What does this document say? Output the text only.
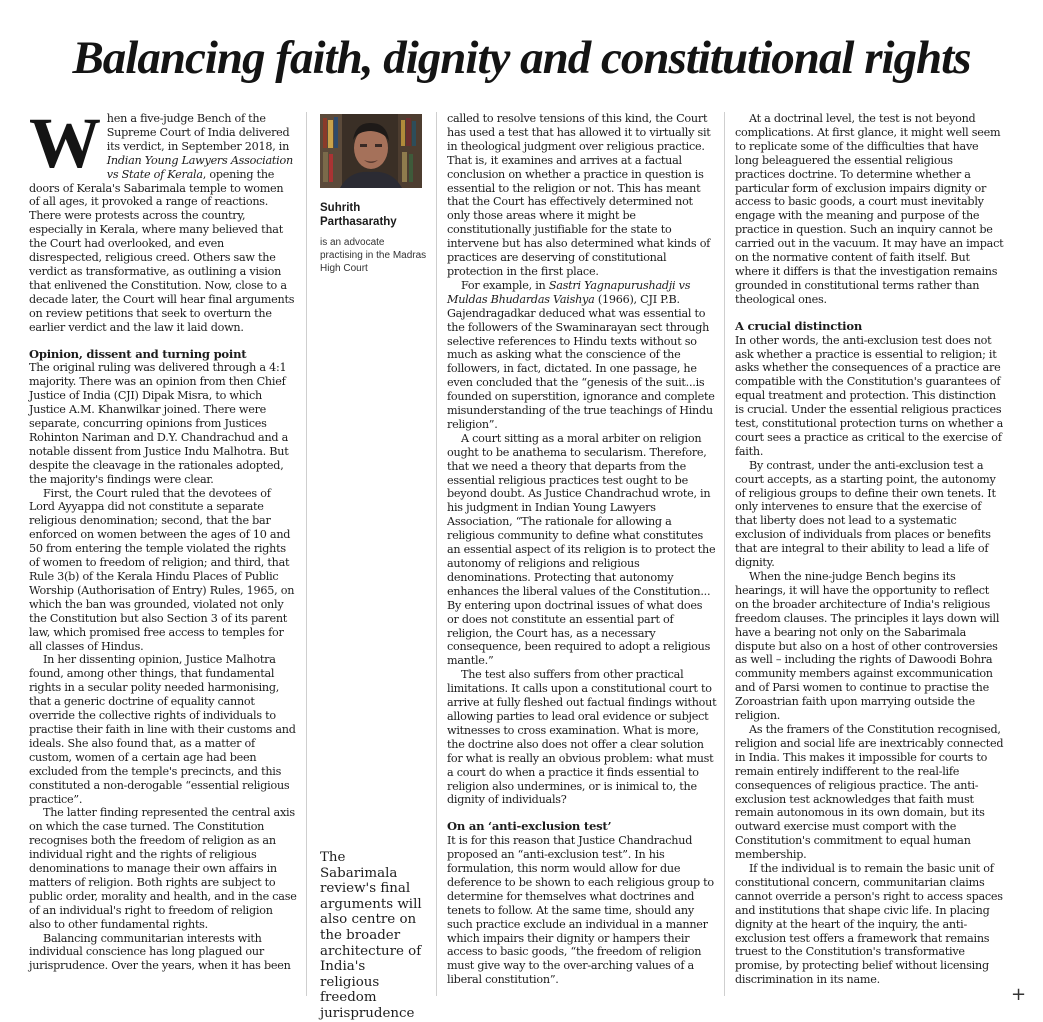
Balancing faith, dignity and constitutional rights

When a five-judge Bench of the Supreme Court of India delivered its verdict, in September 2018, in Indian Young Lawyers Association vs State of Kerala, opening the doors of Kerala's Sabarimala temple to women of all ages, it provoked a range of reactions. There were protests across the country, especially in Kerala, where many believed that the Court had overlooked, and even disrespected, religious creed. Others saw the verdict as transformative, as outlining a vision that enlivened the Constitution. Now, close to a decade later, the Court will hear final arguments on review petitions that seek to overturn the earlier verdict and the law it laid down.

Opinion, dissent and turning point

The original ruling was delivered through a 4:1 majority. There was an opinion from then Chief Justice of India (CJI) Dipak Misra, to which Justice A.M. Khanwilkar joined. There were separate, concurring opinions from Justices Rohinton Nariman and D.Y. Chandrachud and a notable dissent from Justice Indu Malhotra. But despite the cleavage in the rationales adopted, the majority's findings were clear.

First, the Court ruled that the devotees of Lord Ayyappa did not constitute a separate religious denomination; second, that the bar enforced on women between the ages of 10 and 50 from entering the temple violated the rights of women to freedom of religion; and third, that Rule 3(b) of the Kerala Hindu Places of Public Worship (Authorisation of Entry) Rules, 1965, on which the ban was grounded, violated not only the Constitution but also Section 3 of its parent law, which promised free access to temples for all classes of Hindus.

In her dissenting opinion, Justice Malhotra found, among other things, that fundamental rights in a secular polity needed harmonising, that a generic doctrine of equality cannot override the collective rights of individuals to practise their faith in line with their customs and ideals. She also found that, as a matter of custom, women of a certain age had been excluded from the temple's precincts, and this constituted a non-derogable “essential religious practice”.

The latter finding represented the central axis on which the case turned. The Constitution recognises both the freedom of religion as an individual right and the rights of religious denominations to manage their own affairs in matters of religion. Both rights are subject to public order, morality and health, and in the case of an individual's right to freedom of religion also to other fundamental rights.

Balancing communitarian interests with individual conscience has long plagued our jurisprudence. Over the years, when it has been

Suhrith Parthasarathy
is an advocate practising in the Madras High Court
The Sabarimala review's final arguments will also centre on the broader architecture of India's religious freedom jurisprudence

called to resolve tensions of this kind, the Court has used a test that has allowed it to virtually sit in theological judgment over religious practice. That is, it examines and arrives at a factual conclusion on whether a practice in question is essential to the religion or not. This has meant that the Court has effectively determined not only those areas where it might be constitutionally justifiable for the state to intervene but has also determined what kinds of practices are deserving of constitutional protection in the first place.

For example, in Sastri Yagnapurushadji vs Muldas Bhudardas Vaishya (1966), CJI P.B. Gajendragadkar deduced what was essential to the followers of the Swaminarayan sect through selective references to Hindu texts without so much as asking what the conscience of the followers, in fact, dictated. In one passage, he even concluded that the “genesis of the suit...is founded on superstition, ignorance and complete misunderstanding of the true teachings of Hindu religion”.

A court sitting as a moral arbiter on religion ought to be anathema to secularism. Therefore, that we need a theory that departs from the essential religious practices test ought to be beyond doubt. As Justice Chandrachud wrote, in his judgment in Indian Young Lawyers Association, “The rationale for allowing a religious community to define what constitutes an essential aspect of its religion is to protect the autonomy of religions and religious denominations. Protecting that autonomy enhances the liberal values of the Constitution... By entering upon doctrinal issues of what does or does not constitute an essential part of religion, the Court has, as a necessary consequence, been required to adopt a religious mantle.”

The test also suffers from other practical limitations. It calls upon a constitutional court to arrive at fully fleshed out factual findings without allowing parties to lead oral evidence or subject witnesses to cross examination. What is more, the doctrine also does not offer a clear solution for what is really an obvious problem: what must a court do when a practice it finds essential to religion also undermines, or is inimical to, the dignity of individuals?

On an ‘anti-exclusion test’

It is for this reason that Justice Chandrachud proposed an “anti-exclusion test”. In his formulation, this norm would allow for due deference to be shown to each religious group to determine for themselves what doctrines and tenets to follow. At the same time, should any such practice exclude an individual in a manner which impairs their dignity or hampers their access to basic goods, “the freedom of religion must give way to the over-arching values of a liberal constitution”.

At a doctrinal level, the test is not beyond complications. At first glance, it might well seem to replicate some of the difficulties that have long beleaguered the essential religious practices doctrine. To determine whether a particular form of exclusion impairs dignity or access to basic goods, a court must inevitably engage with the meaning and purpose of the practice in question. Such an inquiry cannot be carried out in the vacuum. It may have an impact on the normative content of faith itself. But where it differs is that the investigation remains grounded in constitutional terms rather than theological ones.

A crucial distinction

In other words, the anti-exclusion test does not ask whether a practice is essential to religion; it asks whether the consequences of a practice are compatible with the Constitution's guarantees of equal treatment and protection. This distinction is crucial. Under the essential religious practices test, constitutional protection turns on whether a court sees a practice as critical to the exercise of faith.

By contrast, under the anti-exclusion test a court accepts, as a starting point, the autonomy of religious groups to define their own tenets. It only intervenes to ensure that the exercise of that liberty does not lead to a systematic exclusion of individuals from places or benefits that are integral to their ability to lead a life of dignity.

When the nine-judge Bench begins its hearings, it will have the opportunity to reflect on the broader architecture of India's religious freedom clauses. The principles it lays down will have a bearing not only on the Sabarimala dispute but also on a host of other controversies as well – including the rights of Dawoodi Bohra community members against excommunication and of Parsi women to continue to practise the Zoroastrian faith upon marrying outside the religion.

As the framers of the Constitution recognised, religion and social life are inextricably connected in India. This makes it impossible for courts to remain entirely indifferent to the real-life consequences of religious practice. The anti-exclusion test acknowledges that faith must remain autonomous in its own domain, but its outward exercise must comport with the Constitution's commitment to equal human membership.

If the individual is to remain the basic unit of constitutional concern, communitarian claims cannot override a person's right to access spaces and institutions that shape civic life. In placing dignity at the heart of the inquiry, the anti-exclusion test offers a framework that remains truest to the Constitution's transformative promise, by protecting belief without licensing discrimination in its name.

+
